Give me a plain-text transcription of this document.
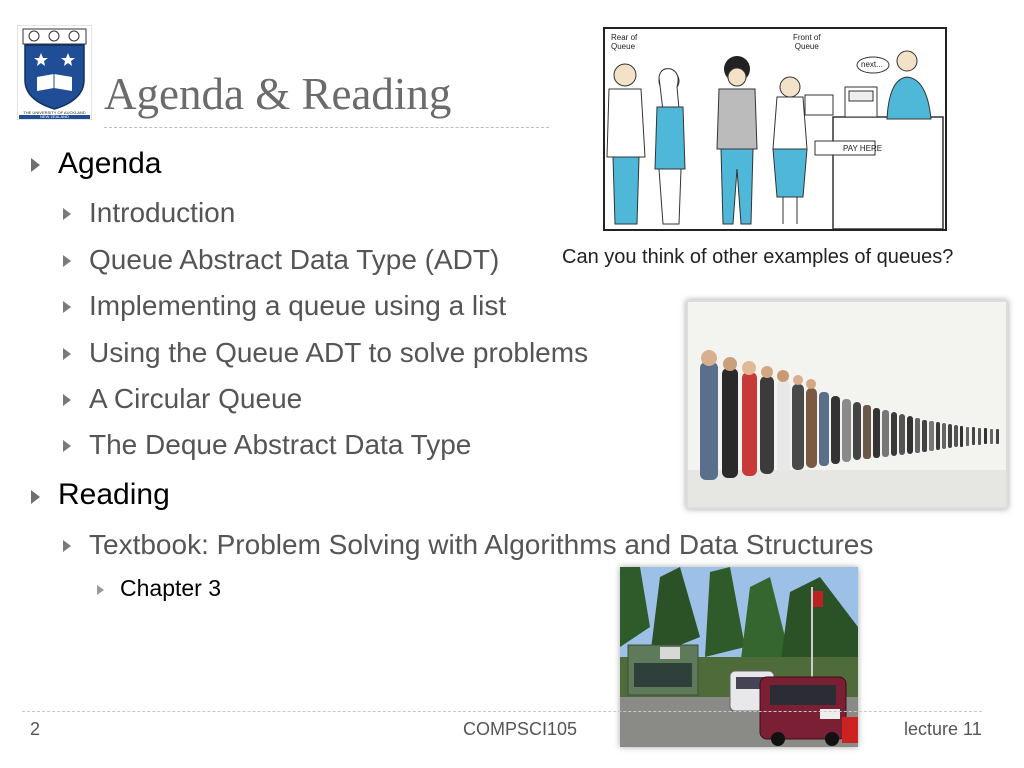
THE UNIVERSITY OF AUCKLAND
NEW ZEALAND Agenda & Reading
Agenda
Introduction
Queue Abstract Data Type (ADT)
Implementing a queue using a list
Using the Queue ADT to solve problems
A Circular Queue
The Deque Abstract Data Type
Reading
Textbook: Problem Solving with Algorithms and Data Structures
Chapter 3
Rear of
Queue
Front of
Queue
next...
PAY HERE
Can you think of other examples of queues?
2	COMPSCI105	lecture 11
